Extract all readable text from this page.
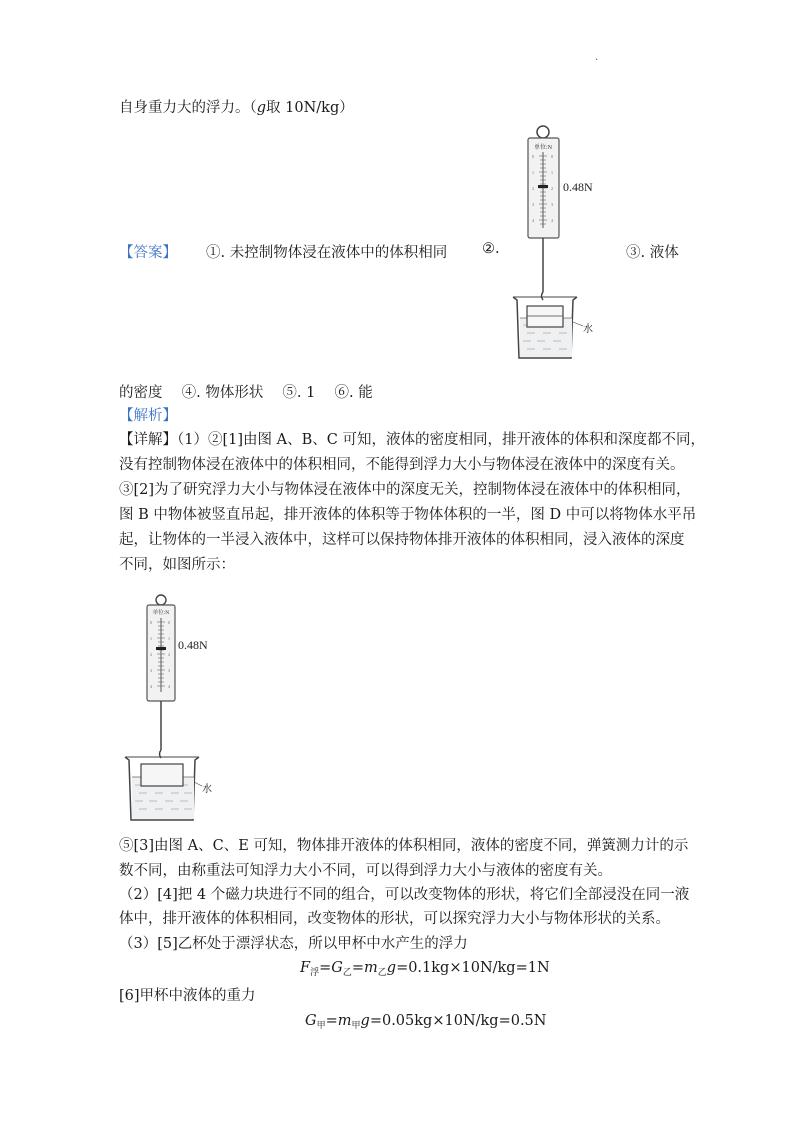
.
自身重力大的浮力。（g取 10N/kg）
单位:N
0
1
2
3
4
0
1
2
3
4
0.48N
水
【答案】 ①. 未控制物体浸在液体中的体积相同 ②.	③. 液体
的密度　 ④. 物体形状　 ⑤. 1　 ⑥. 能
【解析】
【详解】（1）②[1]由图 A、B、C 可知，液体的密度相同，排开液体的体积和深度都不同，
没有控制物体浸在液体中的体积相同，不能得到浮力大小与物体浸在液体中的深度有关。
③[2]为了研究浮力大小与物体浸在液体中的深度无关，控制物体浸在液体中的体积相同，
图 B 中物体被竖直吊起，排开液体的体积等于物体体积的一半，图 D 中可以将物体水平吊
起，让物体的一半浸入液体中，这样可以保持物体排开液体的体积相同，浸入液体的深度
不同，如图所示：
单位:N
0
1
2
3
4
0
1
2
3
4
0.48N
水
⑤[3]由图 A、C、E 可知，物体排开液体的体积相同，液体的密度不同，弹簧测力计的示
数不同，由称重法可知浮力大小不同，可以得到浮力大小与液体的密度有关。
（2）[4]把 4 个磁力块进行不同的组合，可以改变物体的形状，将它们全部浸没在同一液
体中，排开液体的体积相同，改变物体的形状，可以探究浮力大小与物体形状的关系。
（3）[5]乙杯处于漂浮状态，所以甲杯中水产生的浮力
$F_浮=G_乙=m_乙g=0.1kg\times 10N/kg=1N$
[6]甲杯中液体的重力
$G_甲=m_甲g=0.05kg\times 10N/kg=0.5N$
